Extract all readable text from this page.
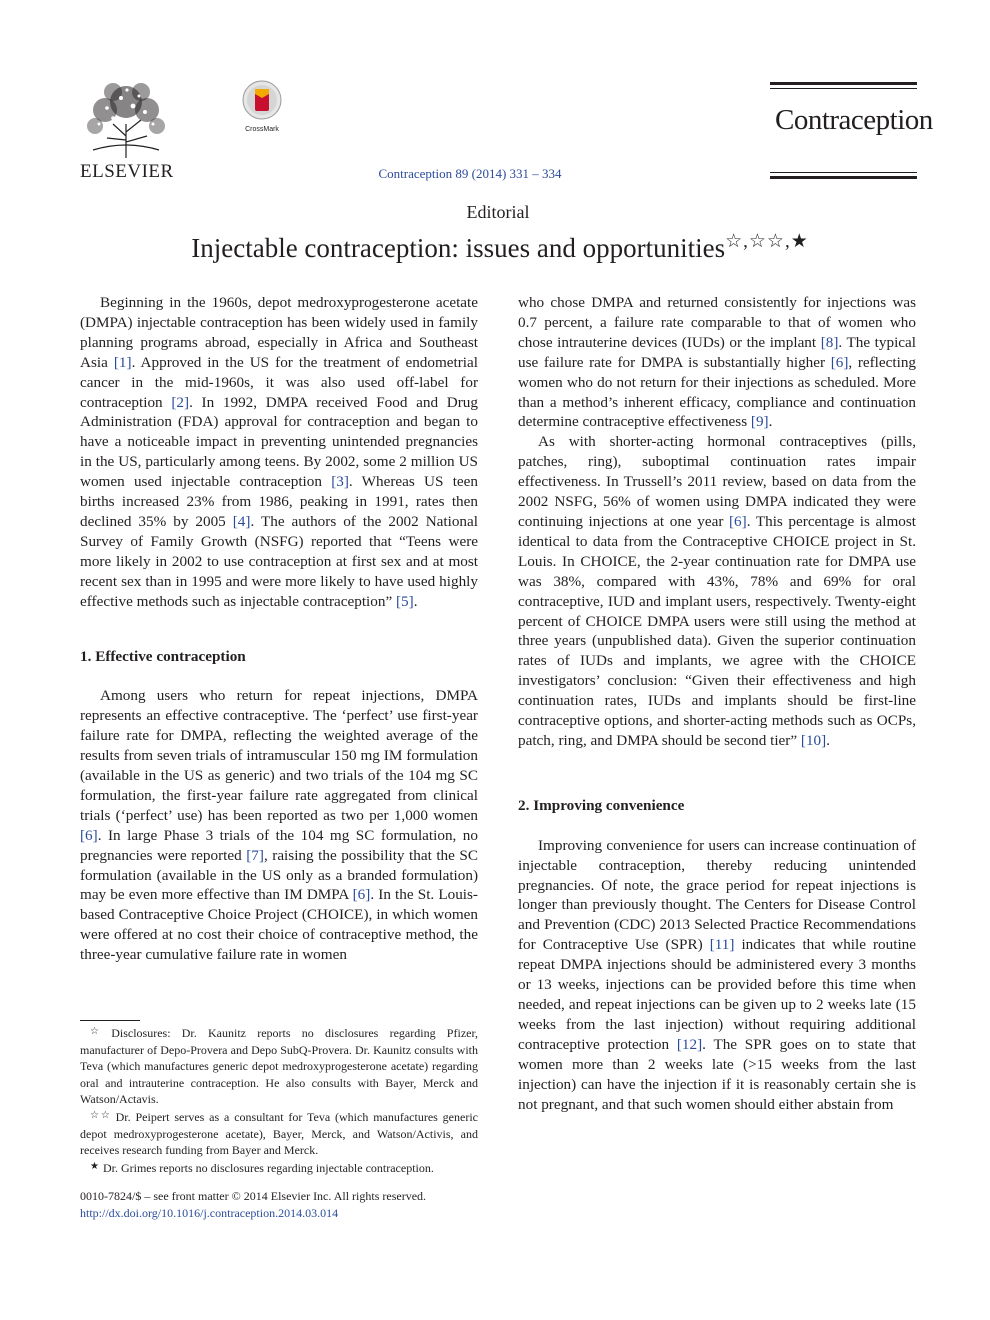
ELSEVIER
CrossMark	Contraception
Contraception 89 (2014) 331 – 334
Editorial
Injectable contraception: issues and opportunities☆,☆☆,★

Beginning in the 1960s, depot medroxyprogesterone acetate (DMPA) injectable contraception has been widely used in family planning programs abroad, especially in Africa and Southeast Asia [1]. Approved in the US for the treatment of endometrial cancer in the mid-1960s, it was also used off-label for contraception [2]. In 1992, DMPA received Food and Drug Administration (FDA) approval for contraception and began to have a noticeable impact in preventing unintended pregnancies in the US, particularly among teens. By 2002, some 2 million US women used injectable contraception [3]. Whereas US teen births increased 23% from 1986, peaking in 1991, rates then declined 35% by 2005 [4]. The authors of the 2002 National Survey of Family Growth (NSFG) reported that “Teens were more likely in 2002 to use contraception at first sex and at most recent sex than in 1995 and were more likely to have used highly effective methods such as injectable contraception” [5].

1. Effective contraception

Among users who return for repeat injections, DMPA represents an effective contraceptive. The ‘perfect’ use first-year failure rate for DMPA, reflecting the weighted average of the results from seven trials of intramuscular 150 mg IM formulation (available in the US as generic) and two trials of the 104 mg SC formulation, the first-year failure rate aggregated from clinical trials (‘perfect’ use) has been reported as two per 1,000 women [6]. In large Phase 3 trials of the 104 mg SC formulation, no pregnancies were reported [7], raising the possibility that the SC formulation (available in the US only as a branded formulation) may be even more effective than IM DMPA [6]. In the St. Louis-based Contraceptive Choice Project (CHOICE), in which women were offered at no cost their choice of contraceptive method, the three-year cumulative failure rate in women

who chose DMPA and returned consistently for injections was 0.7 percent, a failure rate comparable to that of women who chose intrauterine devices (IUDs) or the implant [8]. The typical use failure rate for DMPA is substantially higher [6], reflecting women who do not return for their injections as scheduled. More than a method’s inherent efficacy, compliance and continuation determine contraceptive effectiveness [9].

As with shorter-acting hormonal contraceptives (pills, patches, ring), suboptimal continuation rates impair effectiveness. In Trussell’s 2011 review, based on data from the 2002 NSFG, 56% of women using DMPA indicated they were continuing injections at one year [6]. This percentage is almost identical to data from the Contraceptive CHOICE project in St. Louis. In CHOICE, the 2-year continuation rate for DMPA use was 38%, compared with 43%, 78% and 69% for oral contraceptive, IUD and implant users, respectively. Twenty-eight percent of CHOICE DMPA users were still using the method at three years (unpublished data). Given the superior continuation rates of IUDs and implants, we agree with the CHOICE investigators’ conclusion: “Given their effectiveness and high continuation rates, IUDs and implants should be first-line contraceptive options, and shorter-acting methods such as OCPs, patch, ring, and DMPA should be second tier” [10].

2. Improving convenience

Improving convenience for users can increase continuation of injectable contraception, thereby reducing unintended pregnancies. Of note, the grace period for repeat injections is longer than previously thought. The Centers for Disease Control and Prevention (CDC) 2013 Selected Practice Recommendations for Contraceptive Use (SPR) [11] indicates that while routine repeat DMPA injections should be administered every 3 months or 13 weeks, injections can be provided before this time when needed, and repeat injections can be given up to 2 weeks late (15 weeks from the last injection) without requiring additional contraceptive protection [12]. The SPR goes on to state that women more than 2 weeks late (>15 weeks from the last injection) can have the injection if it is reasonably certain she is not pregnant, and that such women should either abstain from

☆ Disclosures: Dr. Kaunitz reports no disclosures regarding Pfizer, manufacturer of Depo-Provera and Depo SubQ-Provera. Dr. Kaunitz consults with Teva (which manufactures generic depot medroxyprogesterone acetate) regarding oral and intrauterine contraception. He also consults with Bayer, Merck and Watson/Actavis.

☆☆ Dr. Peipert serves as a consultant for Teva (which manufactures generic depot medroxyprogesterone acetate), Bayer, Merck, and Watson/Activis, and receives research funding from Bayer and Merck.

★ Dr. Grimes reports no disclosures regarding injectable contraception.

0010-7824/$ – see front matter © 2014 Elsevier Inc. All rights reserved.
http://dx.doi.org/10.1016/j.contraception.2014.03.014
